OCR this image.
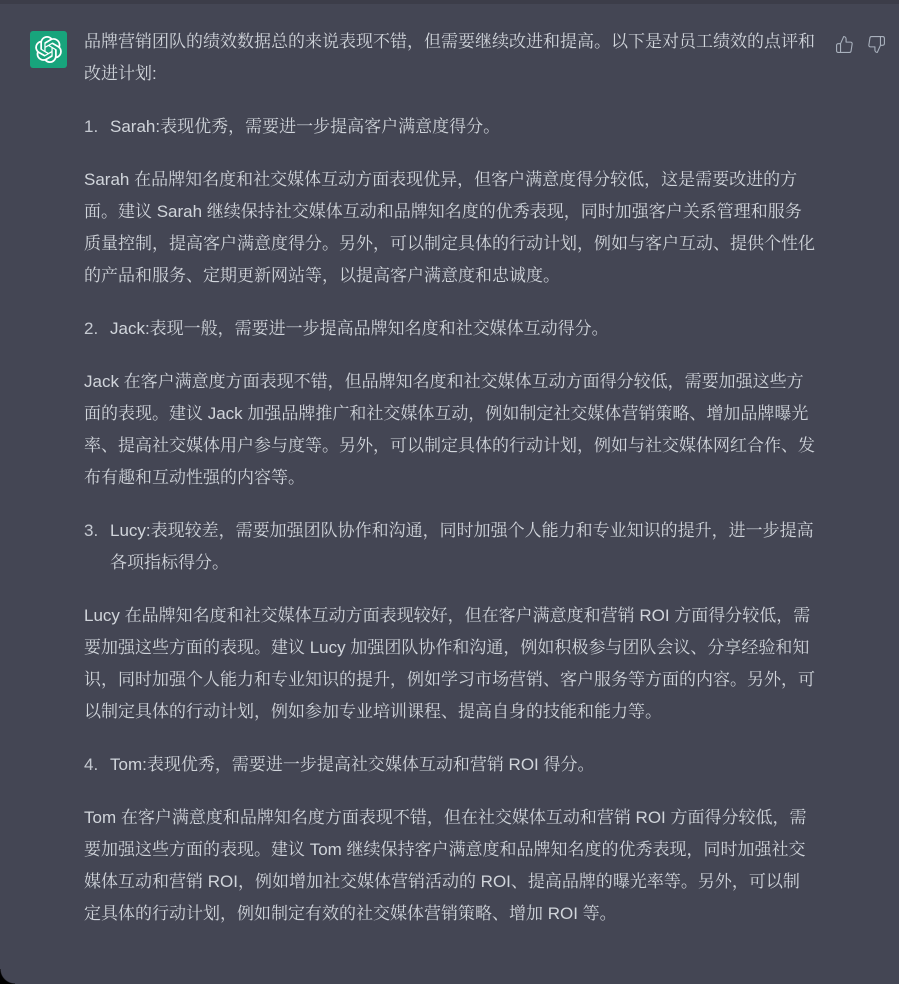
品牌营销团队的绩效数据总的来说表现不错，但需要继续改进和提高。以下是对员工绩效的点评和改进计划:

1. Sarah:表现优秀，需要进一步提高客户满意度得分。

Sarah 在品牌知名度和社交媒体互动方面表现优异，但客户满意度得分较低，这是需要改进的方面。建议 Sarah 继续保持社交媒体互动和品牌知名度的优秀表现，同时加强客户关系管理和服务质量控制，提高客户满意度得分。另外，可以制定具体的行动计划，例如与客户互动、提供个性化的产品和服务、定期更新网站等，以提高客户满意度和忠诚度。

2. Jack:表现一般，需要进一步提高品牌知名度和社交媒体互动得分。

Jack 在客户满意度方面表现不错，但品牌知名度和社交媒体互动方面得分较低，需要加强这些方面的表现。建议 Jack 加强品牌推广和社交媒体互动，例如制定社交媒体营销策略、增加品牌曝光率、提高社交媒体用户参与度等。另外，可以制定具体的行动计划，例如与社交媒体网红合作、发布有趣和互动性强的内容等。

3. Lucy:表现较差，需要加强团队协作和沟通，同时加强个人能力和专业知识的提升，进一步提高各项指标得分。

Lucy 在品牌知名度和社交媒体互动方面表现较好，但在客户满意度和营销 ROI 方面得分较低，需要加强这些方面的表现。建议 Lucy 加强团队协作和沟通，例如积极参与团队会议、分享经验和知识，同时加强个人能力和专业知识的提升，例如学习市场营销、客户服务等方面的内容。另外，可以制定具体的行动计划，例如参加专业培训课程、提高自身的技能和能力等。

4. Tom:表现优秀，需要进一步提高社交媒体互动和营销 ROI 得分。

Tom 在客户满意度和品牌知名度方面表现不错，但在社交媒体互动和营销 ROI 方面得分较低，需要加强这些方面的表现。建议 Tom 继续保持客户满意度和品牌知名度的优秀表现，同时加强社交媒体互动和营销 ROI，例如增加社交媒体营销活动的 ROI、提高品牌的曝光率等。另外，可以制定具体的行动计划，例如制定有效的社交媒体营销策略、增加 ROI 等。
